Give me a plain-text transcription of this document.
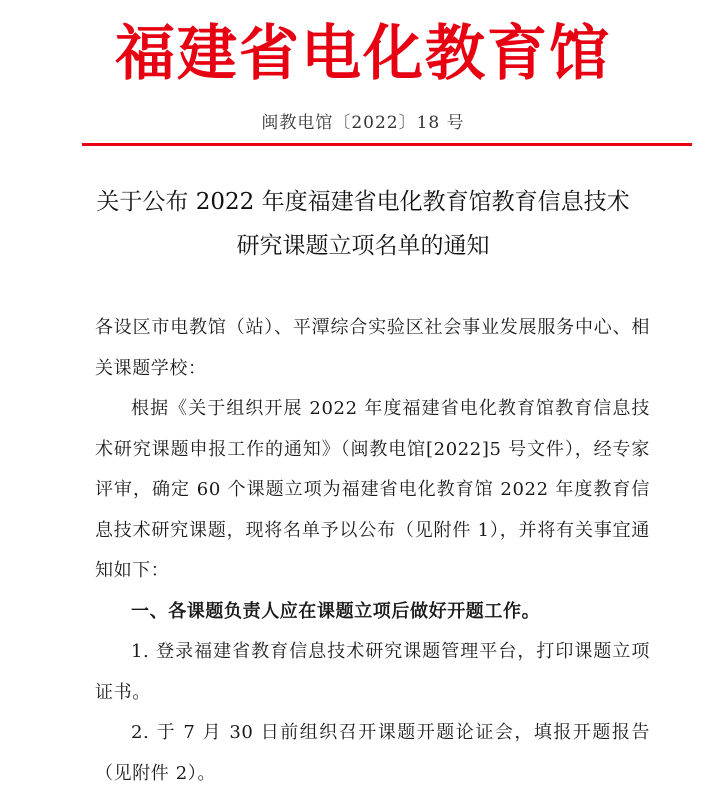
福建省电化教育馆
闽教电馆〔2022〕18 号
关于公布 2022 年度福建省电化教育馆教育信息技术
研究课题立项名单的通知

各设区市电教馆（站）、平潭综合实验区社会事业发展服务中心、相关课题学校：

根据《关于组织开展 2022 年度福建省电化教育馆教育信息技术研究课题申报工作的通知》（闽教电馆[2022]5 号文件），经专家评审，确定 60 个课题立项为福建省电化教育馆 2022 年度教育信息技术研究课题，现将名单予以公布（见附件 1），并将有关事宜通知如下：

一、各课题负责人应在课题立项后做好开题工作。

1. 登录福建省教育信息技术研究课题管理平台，打印课题立项证书。

2. 于 7 月 30 日前组织召开课题开题论证会，填报开题报告（见附件 2）。
